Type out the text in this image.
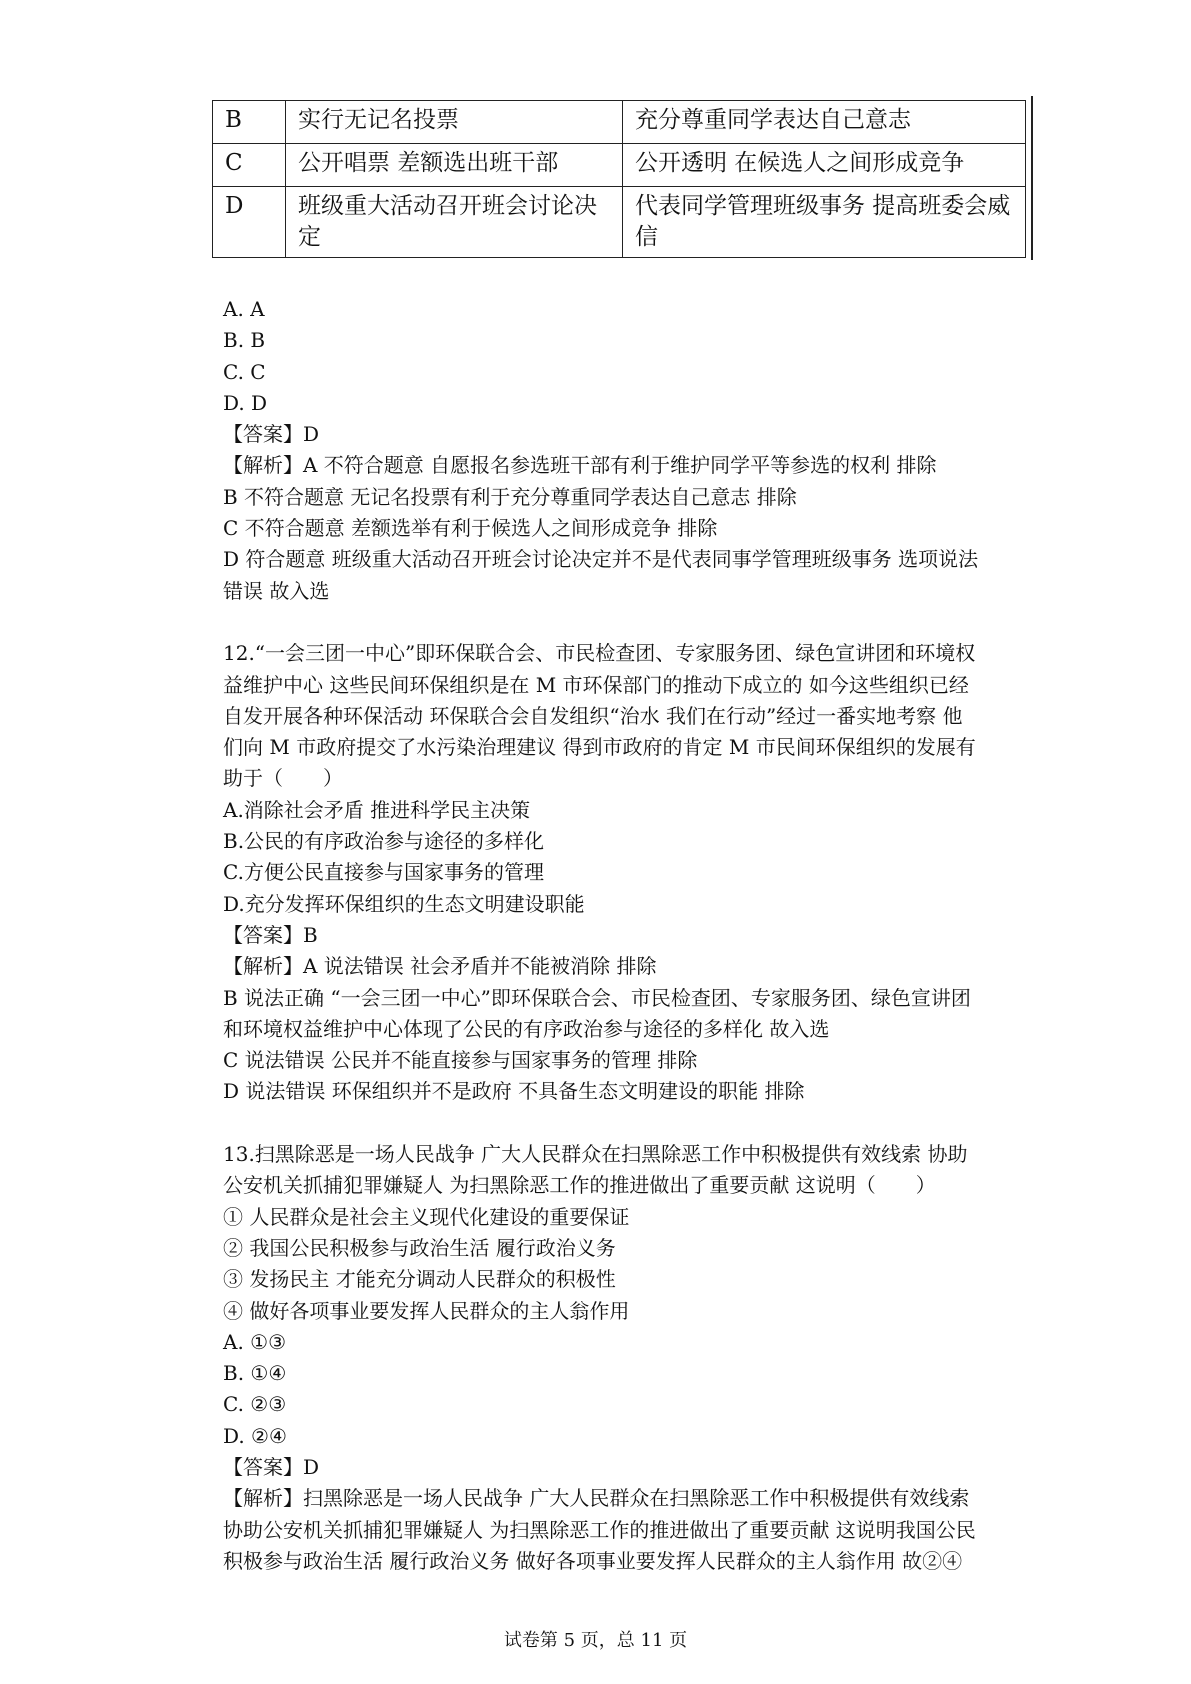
B	实行无记名投票	充分尊重同学表达自己意志
C	公开唱票 差额选出班干部	公开透明 在候选人之间形成竞争
D	班级重大活动召开班会讨论决定	代表同学管理班级事务 提高班委会威信
A. A
B. B
C. C
D. D
【答案】D
【解析】A 不符合题意 自愿报名参选班干部有利于维护同学平等参选的权利 排除
B 不符合题意 无记名投票有利于充分尊重同学表达自己意志 排除
C 不符合题意 差额选举有利于候选人之间形成竞争 排除
D 符合题意 班级重大活动召开班会讨论决定并不是代表同事学管理班级事务 选项说法
错误 故入选
12.“一会三团一中心”即环保联合会、市民检查团、专家服务团、绿色宣讲团和环境权
益维护中心 这些民间环保组织是在 M 市环保部门的推动下成立的 如今这些组织已经
自发开展各种环保活动 环保联合会自发组织“治水 我们在行动”经过一番实地考察 他
们向 M 市政府提交了水污染治理建议 得到市政府的肯定 M 市民间环保组织的发展有
助于（　　）
A.消除社会矛盾 推进科学民主决策
B.公民的有序政治参与途径的多样化
C.方便公民直接参与国家事务的管理
D.充分发挥环保组织的生态文明建设职能
【答案】B
【解析】A 说法错误 社会矛盾并不能被消除 排除
B 说法正确 “一会三团一中心”即环保联合会、市民检查团、专家服务团、绿色宣讲团
和环境权益维护中心体现了公民的有序政治参与途径的多样化 故入选
C 说法错误 公民并不能直接参与国家事务的管理 排除
D 说法错误 环保组织并不是政府 不具备生态文明建设的职能 排除
13.扫黑除恶是一场人民战争 广大人民群众在扫黑除恶工作中积极提供有效线索 协助
公安机关抓捕犯罪嫌疑人 为扫黑除恶工作的推进做出了重要贡献 这说明（　　）
① 人民群众是社会主义现代化建设的重要保证
② 我国公民积极参与政治生活 履行政治义务
③ 发扬民主 才能充分调动人民群众的积极性
④ 做好各项事业要发挥人民群众的主人翁作用
A. ①③
B. ①④
C. ②③
D. ②④
【答案】D
【解析】扫黑除恶是一场人民战争 广大人民群众在扫黑除恶工作中积极提供有效线索
协助公安机关抓捕犯罪嫌疑人 为扫黑除恶工作的推进做出了重要贡献 这说明我国公民
积极参与政治生活 履行政治义务 做好各项事业要发挥人民群众的主人翁作用 故②④
试卷第 5 页，总 11 页
